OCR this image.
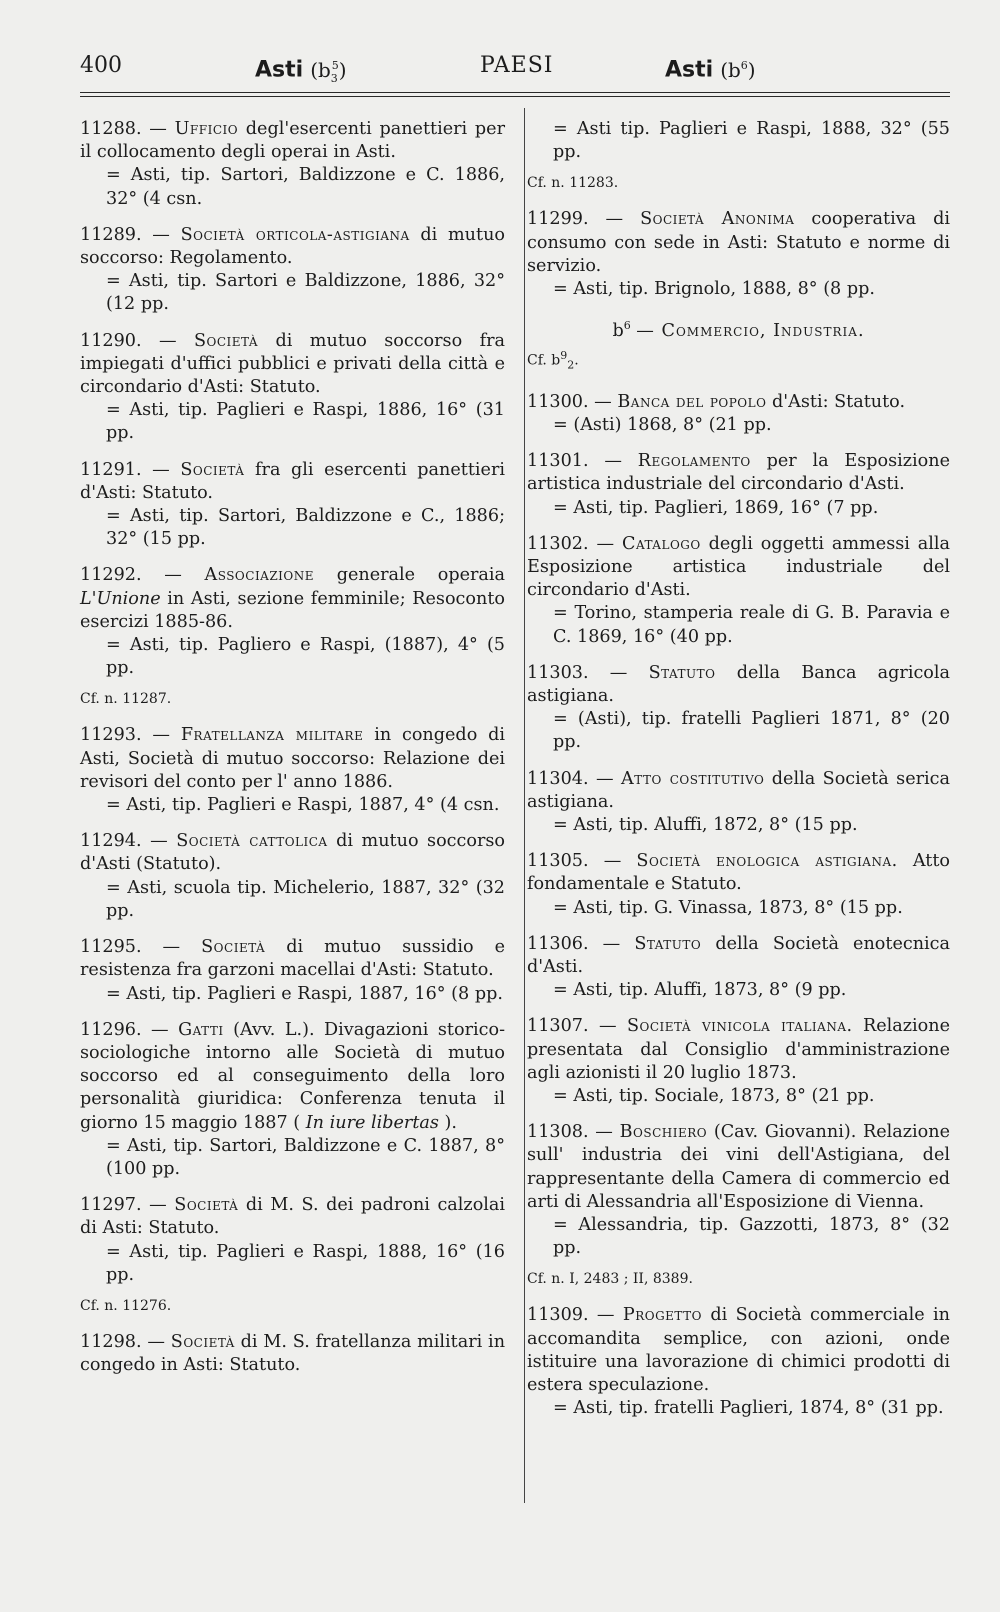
400	Asti $(b_3^5)$	PAESI	Asti $(b^6)$

11288. — Ufficio degl'esercenti panettieri per il collocamento degli operai in Asti.

= Asti, tip. Sartori, Baldizzone e C. 1886, 32° (4 csn.

11289. — Società orticola-astigiana di mutuo soccorso: Regolamento.

= Asti, tip. Sartori e Baldizzone, 1886, 32° (12 pp.

11290. — Società di mutuo soccorso fra impiegati d'uffici pubblici e privati della città e circondario d'Asti: Statuto.

= Asti, tip. Paglieri e Raspi, 1886, 16° (31 pp.

11291. — Società fra gli esercenti panettieri d'Asti: Statuto.

= Asti, tip. Sartori, Baldizzone e C., 1886; 32° (15 pp.

11292. — Associazione generale operaia L'Unione in Asti, sezione femminile; Resoconto esercizi 1885-86.

= Asti, tip. Pagliero e Raspi, (1887), 4° (5 pp.

Cf. n. 11287.

11293. — Fratellanza militare in congedo di Asti, Società di mutuo soccorso: Relazione dei revisori del conto per l' anno 1886.

= Asti, tip. Paglieri e Raspi, 1887, 4° (4 csn.

11294. — Società cattolica di mutuo soccorso d'Asti (Statuto).

= Asti, scuola tip. Michelerio, 1887, 32° (32 pp.

11295. — Società di mutuo sussidio e resistenza fra garzoni macellai d'Asti: Statuto.

= Asti, tip. Paglieri e Raspi, 1887, 16° (8 pp.

11296. — Gatti (Avv. L.). Divagazioni storico-sociologiche intorno alle Società di mutuo soccorso ed al conseguimento della loro personalità giuridica: Conferenza tenuta il giorno 15 maggio 1887 ( In iure libertas ).

= Asti, tip. Sartori, Baldizzone e C. 1887, 8° (100 pp.

11297. — Società di M. S. dei padroni calzolai di Asti: Statuto.

= Asti, tip. Paglieri e Raspi, 1888, 16° (16 pp.

Cf. n. 11276.

11298. — Società di M. S. fratellanza militari in congedo in Asti: Statuto.

= Asti tip. Paglieri e Raspi, 1888, 32° (55 pp.

Cf. n. 11283.

11299. — Società Anonima cooperativa di consumo con sede in Asti: Statuto e norme di servizio.

= Asti, tip. Brignolo, 1888, 8° (8 pp.

$b^6$ — Commercio, Industria.
Cf. $b^9_2$.

11300. — Banca del popolo d'Asti: Statuto.

= (Asti) 1868, 8° (21 pp.

11301. — Regolamento per la Esposizione artistica industriale del circondario d'Asti.

= Asti, tip. Paglieri, 1869, 16° (7 pp.

11302. — Catalogo degli oggetti ammessi alla Esposizione artistica industriale del circondario d'Asti.

= Torino, stamperia reale di G. B. Paravia e C. 1869, 16° (40 pp.

11303. — Statuto della Banca agricola astigiana.

= (Asti), tip. fratelli Paglieri 1871, 8° (20 pp.

11304. — Atto costitutivo della Società serica astigiana.

= Asti, tip. Aluffi, 1872, 8° (15 pp.

11305. — Società enologica astigiana. Atto fondamentale e Statuto.

= Asti, tip. G. Vinassa, 1873, 8° (15 pp.

11306. — Statuto della Società enotecnica d'Asti.

= Asti, tip. Aluffi, 1873, 8° (9 pp.

11307. — Società vinicola italiana. Relazione presentata dal Consiglio d'amministrazione agli azionisti il 20 luglio 1873.

= Asti, tip. Sociale, 1873, 8° (21 pp.

11308. — Boschiero (Cav. Giovanni). Relazione sull' industria dei vini dell'Astigiana, del rappresentante della Camera di commercio ed arti di Alessandria all'Esposizione di Vienna.

= Alessandria, tip. Gazzotti, 1873, 8° (32 pp.

Cf. n. I, 2483 ; II, 8389.

11309. — Progetto di Società commerciale in accomandita semplice, con azioni, onde istituire una lavorazione di chimici prodotti di estera speculazione.

= Asti, tip. fratelli Paglieri, 1874, 8° (31 pp.
